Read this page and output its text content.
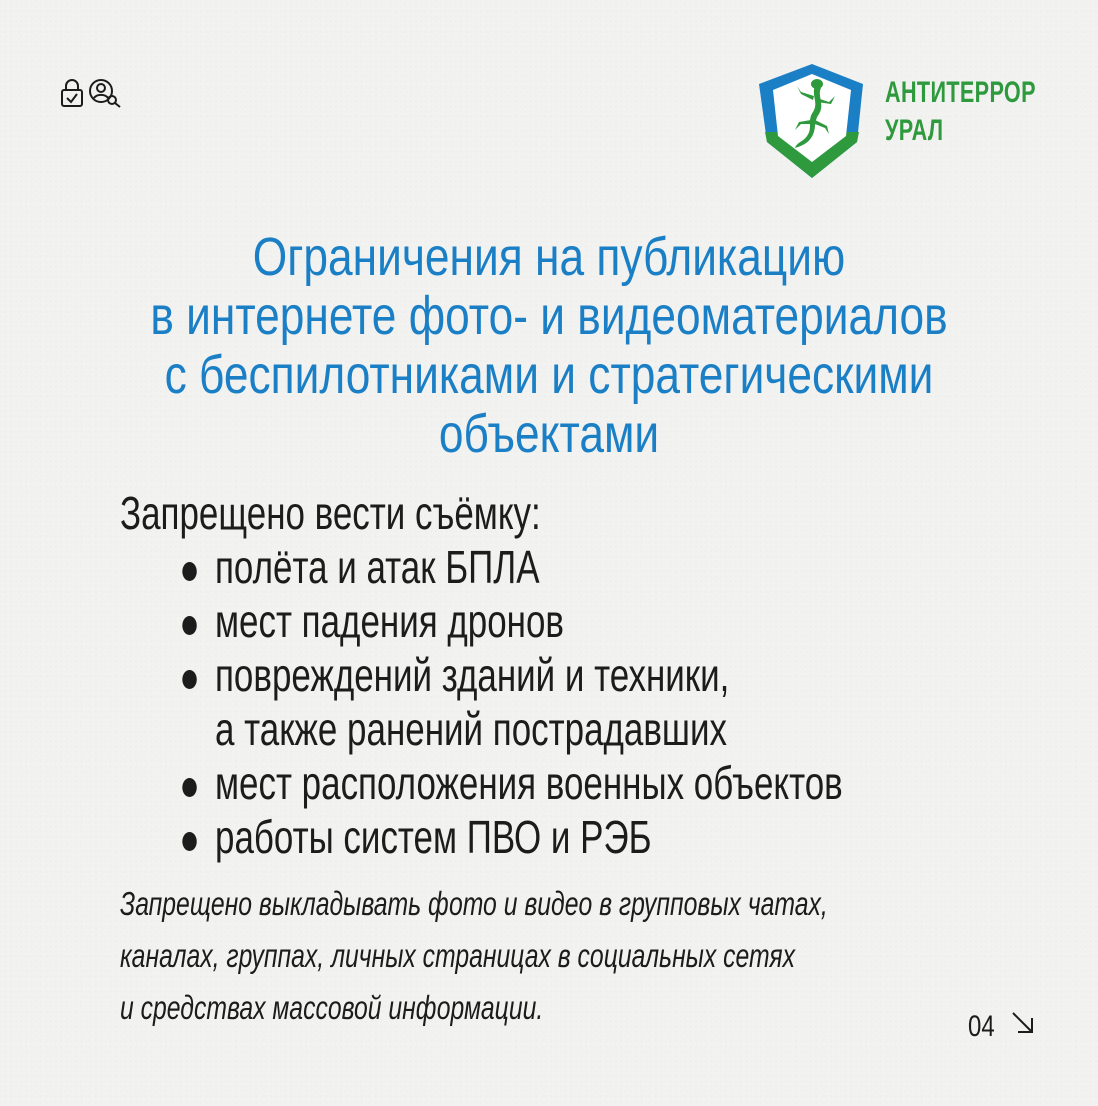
АНТИТЕРРОР
УРАЛ
Ограничения на публикацию
в интернете фото- и видеоматериалов
с беспилотниками и стратегическими
объектами
Запрещено вести съёмку:
полёта и атак БПЛА
мест падения дронов
повреждений зданий и техники,
а также ранений пострадавших
мест расположения военных объектов
работы систем ПВО и РЭБ
Запрещено выкладывать фото и видео в групповых чатах,
каналах, группах, личных страницах в социальных сетях
и средствах массовой информации.
04
